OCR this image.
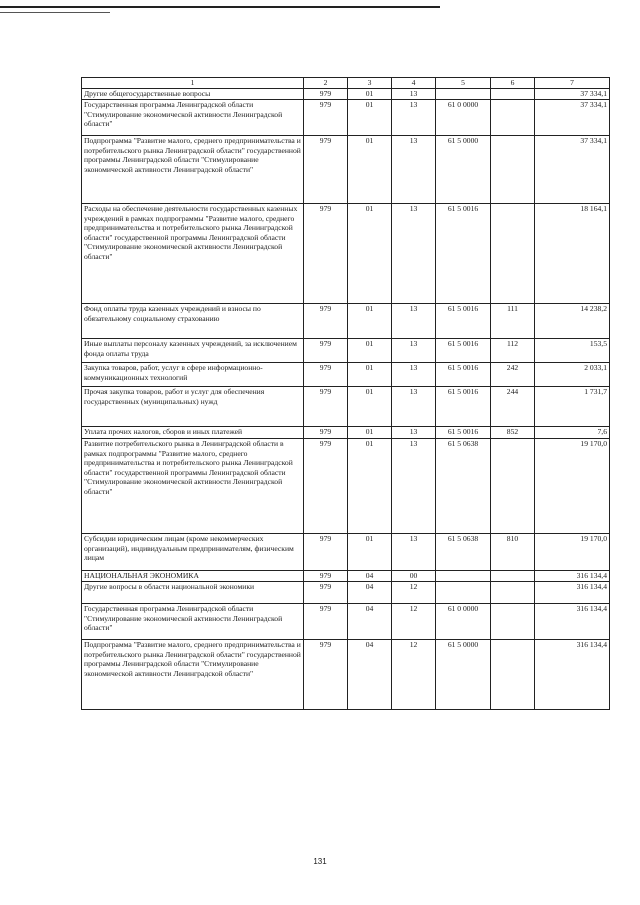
1	2	3	4	5	6	7
Другие общегосударственные вопросы	979	01	13			37 334,1
Государственная программа Ленинградской области "Стимулирование экономической активности Ленинградской области"	979	01	13	61 0 0000		37 334,1
Подпрограмма "Развитие малого, среднего предпринимательства и потребительского рынка Ленинградской области" государственной программы Ленинградской области "Стимулирование экономической активности Ленинградской области"	979	01	13	61 5 0000		37 334,1
Расходы на обеспечение деятельности государственных казенных учреждений в рамках подпрограммы "Развитие малого, среднего предпринимательства и потребительского рынка Ленинградской области" государственной программы Ленинградской области "Стимулирование экономической активности Ленинградской области"	979	01	13	61 5 0016		18 164,1
Фонд оплаты труда казенных учреждений и взносы по обязательному социальному страхованию	979	01	13	61 5 0016	111	14 238,2
Иные выплаты персоналу казенных учреждений, за исключением фонда оплаты труда	979	01	13	61 5 0016	112	153,5
Закупка товаров, работ, услуг в сфере информационно-коммуникационных технологий	979	01	13	61 5 0016	242	2 033,1
Прочая закупка товаров, работ и услуг для обеспечения государственных (муниципальных) нужд	979	01	13	61 5 0016	244	1 731,7
Уплата прочих налогов, сборов и иных платежей	979	01	13	61 5 0016	852	7,6
Развитие потребительского рынка в Ленинградской области в рамках подпрограммы "Развитие малого, среднего предпринимательства и потребительского рынка Ленинградской области" государственной программы Ленинградской области "Стимулирование экономической активности Ленинградской области"	979	01	13	61 5 0638		19 170,0
Субсидии юридическим лицам (кроме некоммерческих организаций), индивидуальным предпринимателям, физическим лицам	979	01	13	61 5 0638	810	19 170,0
НАЦИОНАЛЬНАЯ ЭКОНОМИКА	979	04	00			316 134,4
Другие вопросы в области национальной экономики	979	04	12			316 134,4
Государственная программа Ленинградской области "Стимулирование экономической активности Ленинградской области"	979	04	12	61 0 0000		316 134,4
Подпрограмма "Развитие малого, среднего предпринимательства и потребительского рынка Ленинградской области" государственной программы Ленинградской области "Стимулирование экономической активности Ленинградской области"	979	04	12	61 5 0000		316 134,4
131
